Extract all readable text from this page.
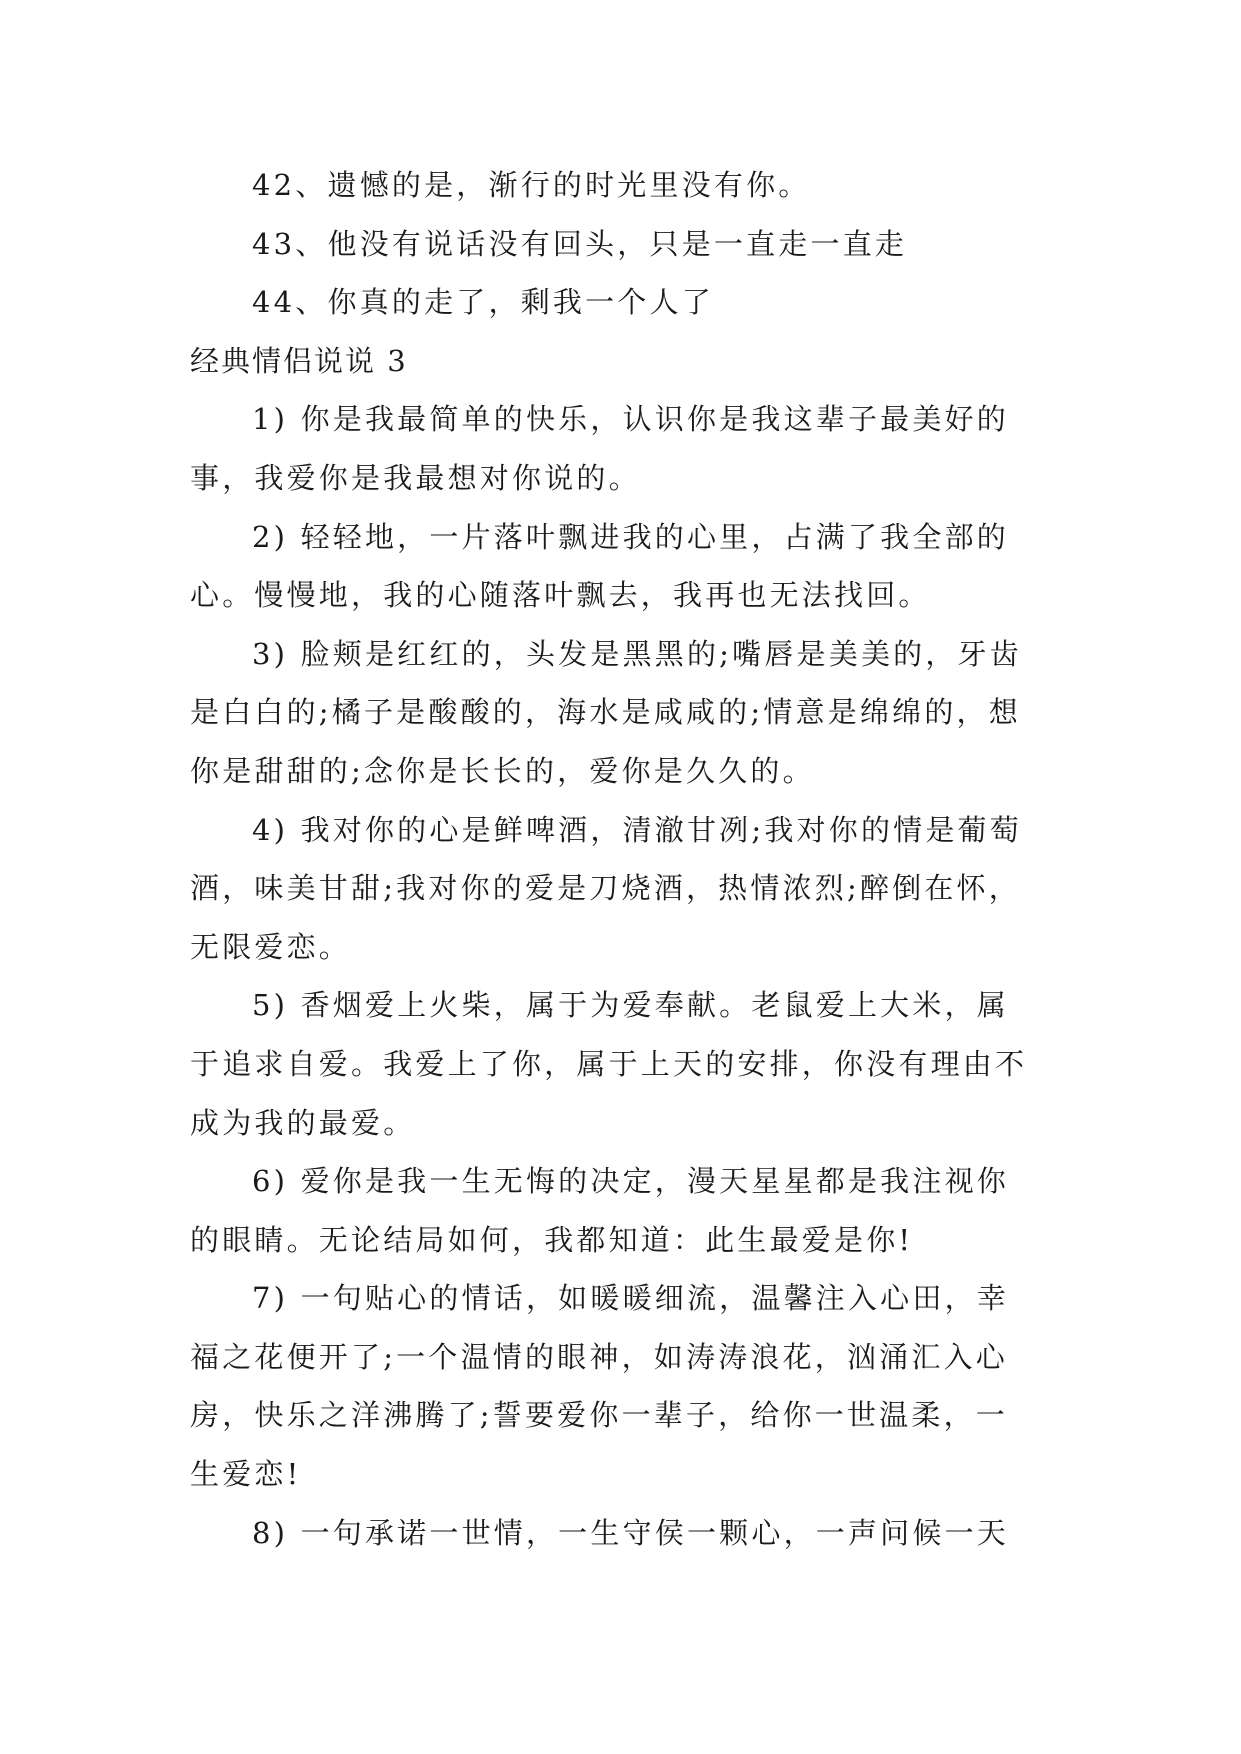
42、遗憾的是，渐行的时光里没有你。

43、他没有说话没有回头，只是一直走一直走

44、你真的走了，剩我一个人了

经典情侣说说 3

1) 你是我最简单的快乐，认识你是我这辈子最美好的

事，我爱你是我最想对你说的。

2) 轻轻地，一片落叶飘进我的心里，占满了我全部的

心。慢慢地，我的心随落叶飘去，我再也无法找回。

3) 脸颊是红红的，头发是黑黑的;嘴唇是美美的，牙齿

是白白的;橘子是酸酸的，海水是咸咸的;情意是绵绵的，想

你是甜甜的;念你是长长的，爱你是久久的。

4) 我对你的心是鲜啤酒，清澈甘冽;我对你的情是葡萄

酒，味美甘甜;我对你的爱是刀烧酒，热情浓烈;醉倒在怀，

无限爱恋。

5) 香烟爱上火柴，属于为爱奉献。老鼠爱上大米，属

于追求自爱。我爱上了你，属于上天的安排，你没有理由不

成为我的最爱。

6) 爱你是我一生无悔的决定，漫天星星都是我注视你

的眼睛。无论结局如何，我都知道：此生最爱是你!

7) 一句贴心的情话，如暖暖细流，温馨注入心田，幸

福之花便开了;一个温情的眼神，如涛涛浪花，汹涌汇入心

房，快乐之洋沸腾了;誓要爱你一辈子，给你一世温柔，一

生爱恋!

8) 一句承诺一世情，一生守侯一颗心，一声问候一天
